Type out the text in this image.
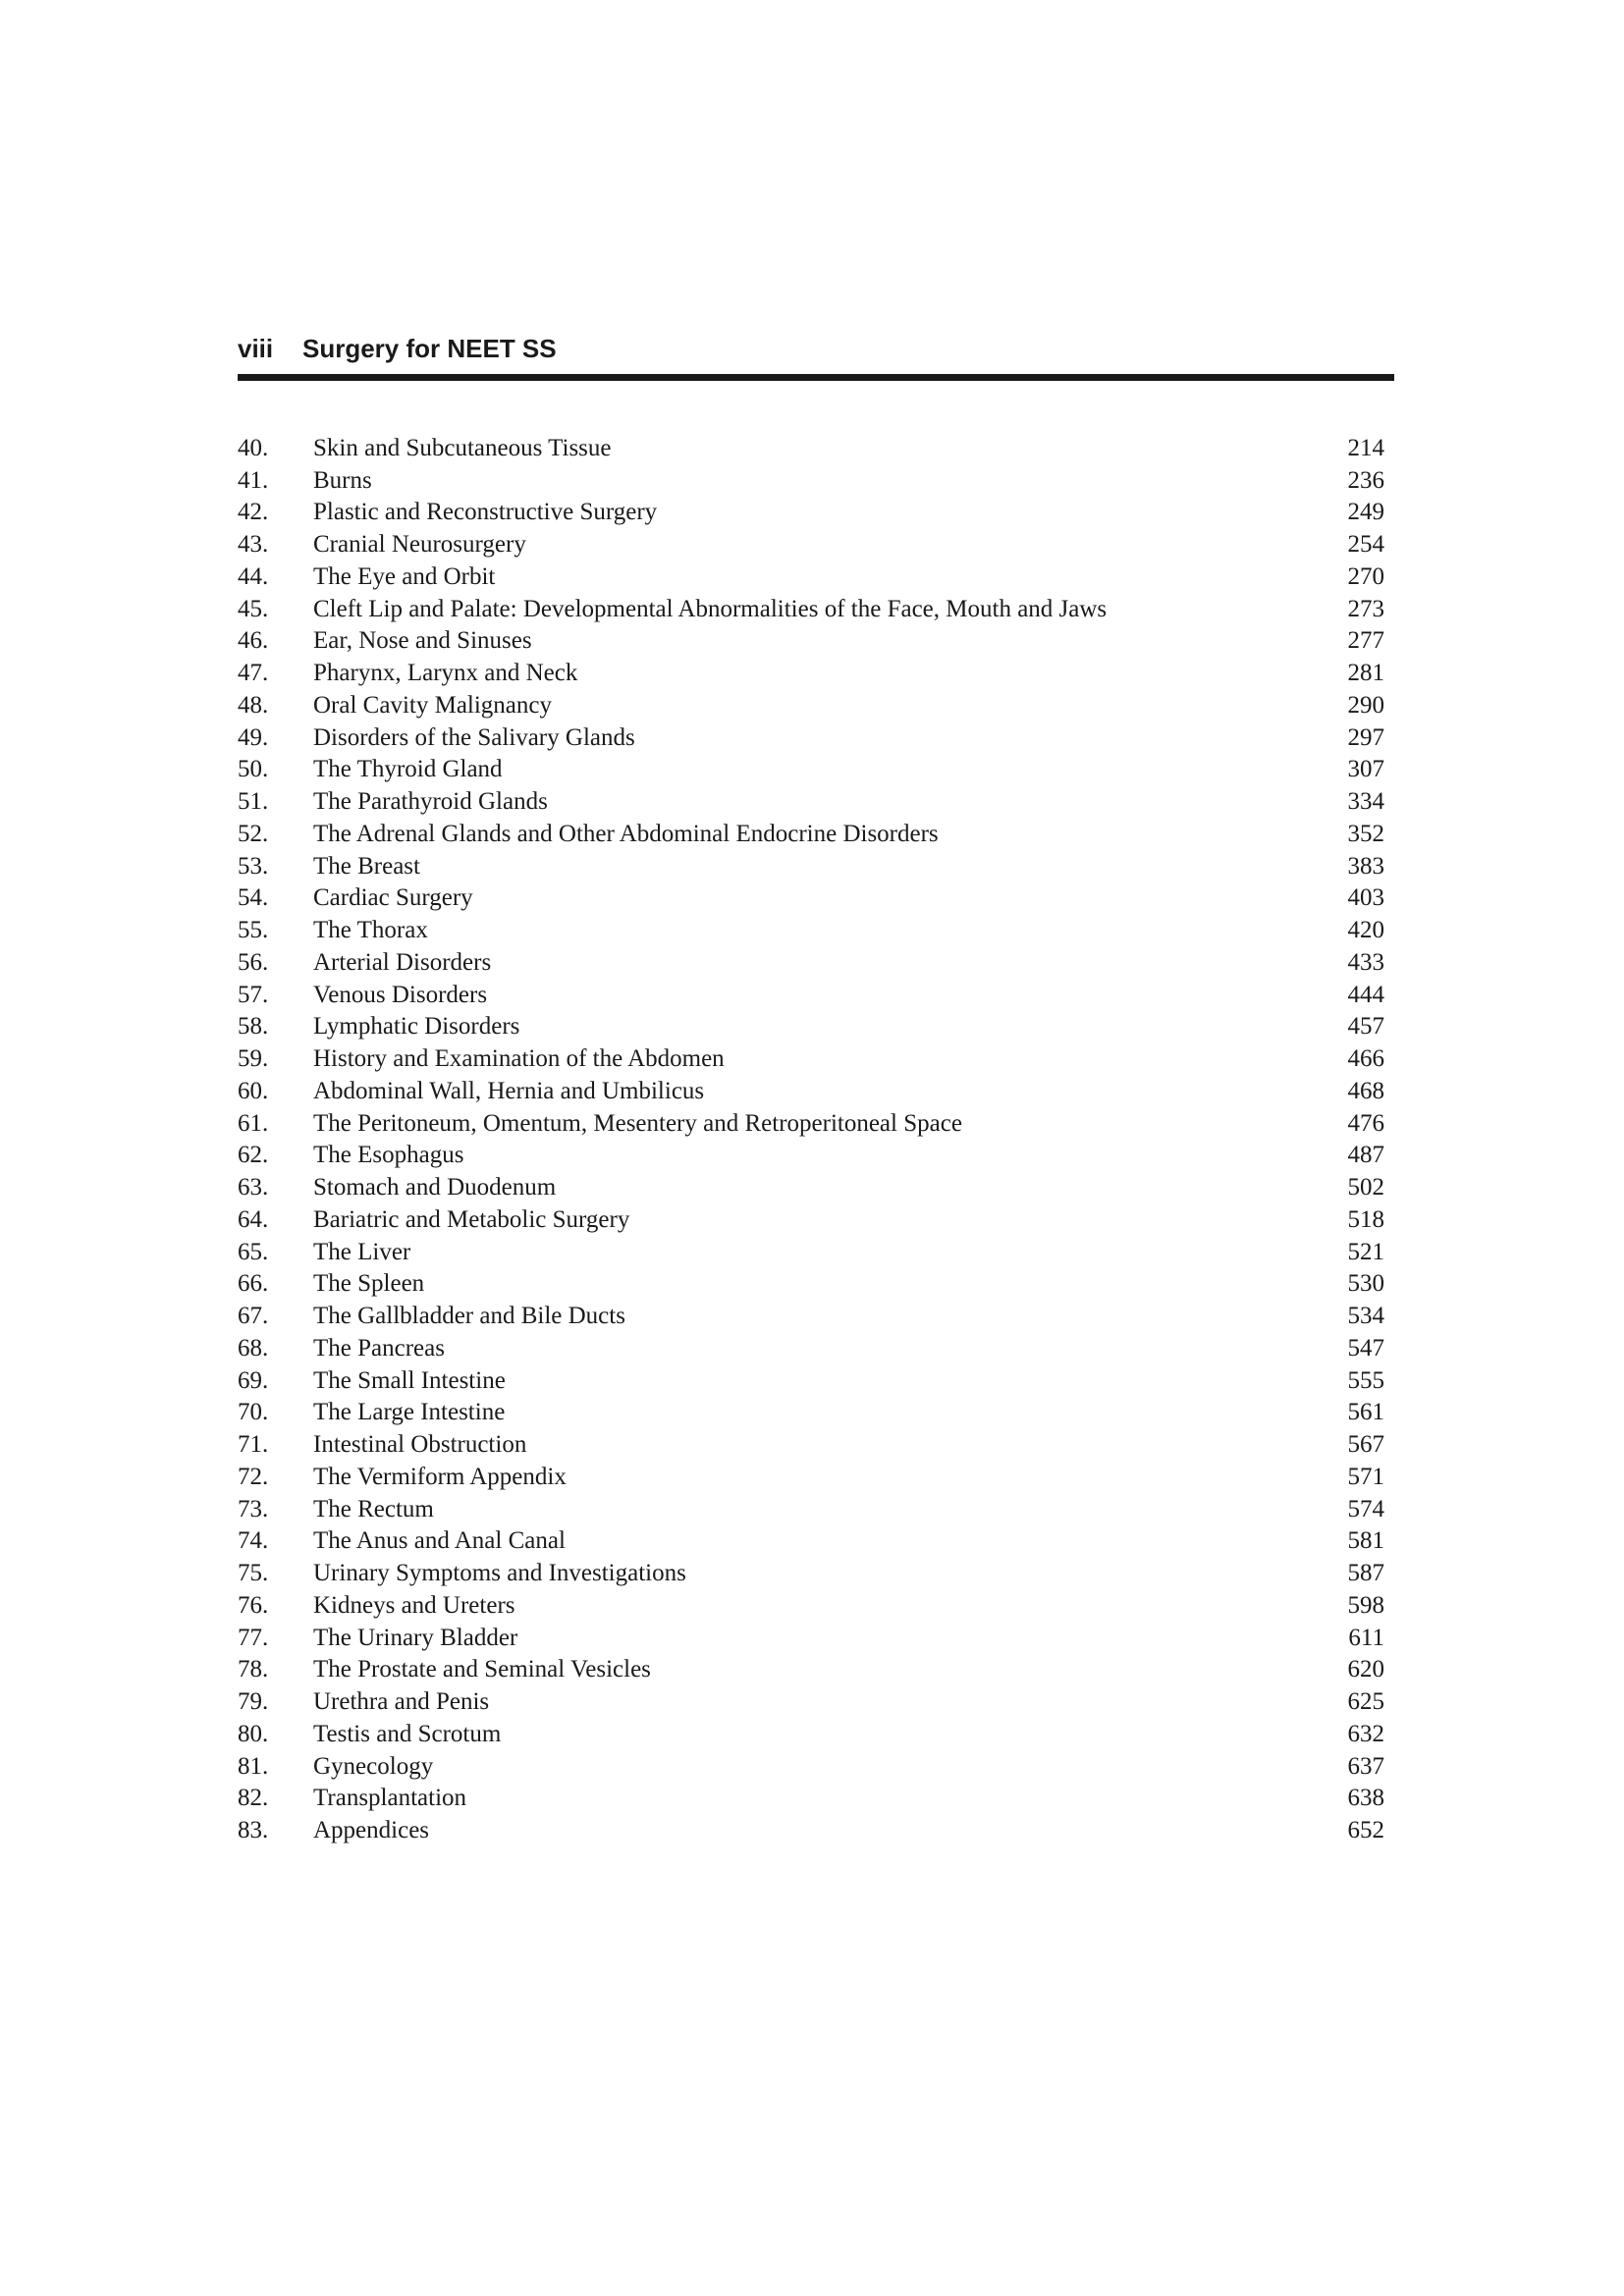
viii	Surgery for NEET SS
40.	Skin and Subcutaneous Tissue	214
41.	Burns	236
42.	Plastic and Reconstructive Surgery	249
43.	Cranial Neurosurgery	254
44.	The Eye and Orbit	270
45.	Cleft Lip and Palate: Developmental Abnormalities of the Face, Mouth and Jaws	273
46.	Ear, Nose and Sinuses	277
47.	Pharynx, Larynx and Neck	281
48.	Oral Cavity Malignancy	290
49.	Disorders of the Salivary Glands	297
50.	The Thyroid Gland	307
51.	The Parathyroid Glands	334
52.	The Adrenal Glands and Other Abdominal Endocrine Disorders	352
53.	The Breast	383
54.	Cardiac Surgery	403
55.	The Thorax	420
56.	Arterial Disorders	433
57.	Venous Disorders	444
58.	Lymphatic Disorders	457
59.	History and Examination of the Abdomen	466
60.	Abdominal Wall, Hernia and Umbilicus	468
61.	The Peritoneum, Omentum, Mesentery and Retroperitoneal Space	476
62.	The Esophagus	487
63.	Stomach and Duodenum	502
64.	Bariatric and Metabolic Surgery	518
65.	The Liver	521
66.	The Spleen	530
67.	The Gallbladder and Bile Ducts	534
68.	The Pancreas	547
69.	The Small Intestine	555
70.	The Large Intestine	561
71.	Intestinal Obstruction	567
72.	The Vermiform Appendix	571
73.	The Rectum	574
74.	The Anus and Anal Canal	581
75.	Urinary Symptoms and Investigations	587
76.	Kidneys and Ureters	598
77.	The Urinary Bladder	611
78.	The Prostate and Seminal Vesicles	620
79.	Urethra and Penis	625
80.	Testis and Scrotum	632
81.	Gynecology	637
82.	Transplantation	638
83.	Appendices	652
